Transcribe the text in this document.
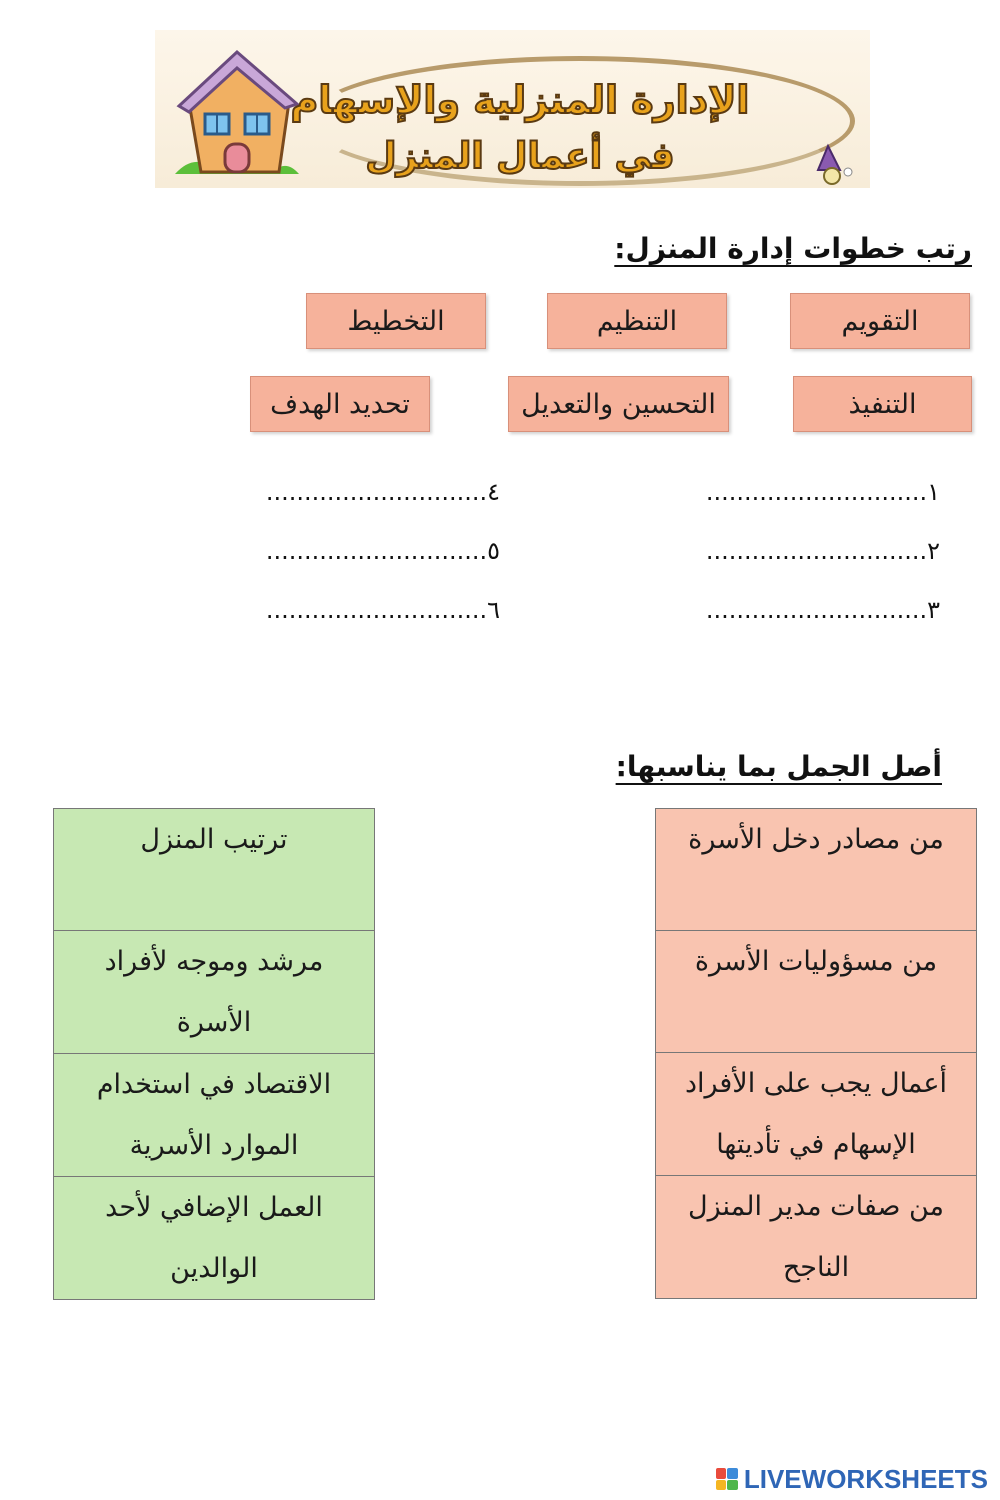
الإدارة المنزلية والإسهام
في أعمال المنزل
رتب خطوات إدارة المنزل:
التقويم
التنظيم
التخطيط
التنفيذ
التحسين والتعديل
تحديد الهدف
١.............................
٢.............................
٣.............................
٤.............................
٥.............................
٦.............................
أصل الجمل بما يناسبها:
من مصادر دخل الأسرة

من مسؤوليات الأسرة

أعمال يجب على الأفراد
الإسهام في تأديتها

من صفات مدير المنزل
الناجح
ترتيب المنزل

مرشد وموجه لأفراد
الأسرة

الاقتصاد في استخدام
الموارد الأسرية

العمل الإضافي لأحد
الوالدين
LIVEWORKSHEETS
